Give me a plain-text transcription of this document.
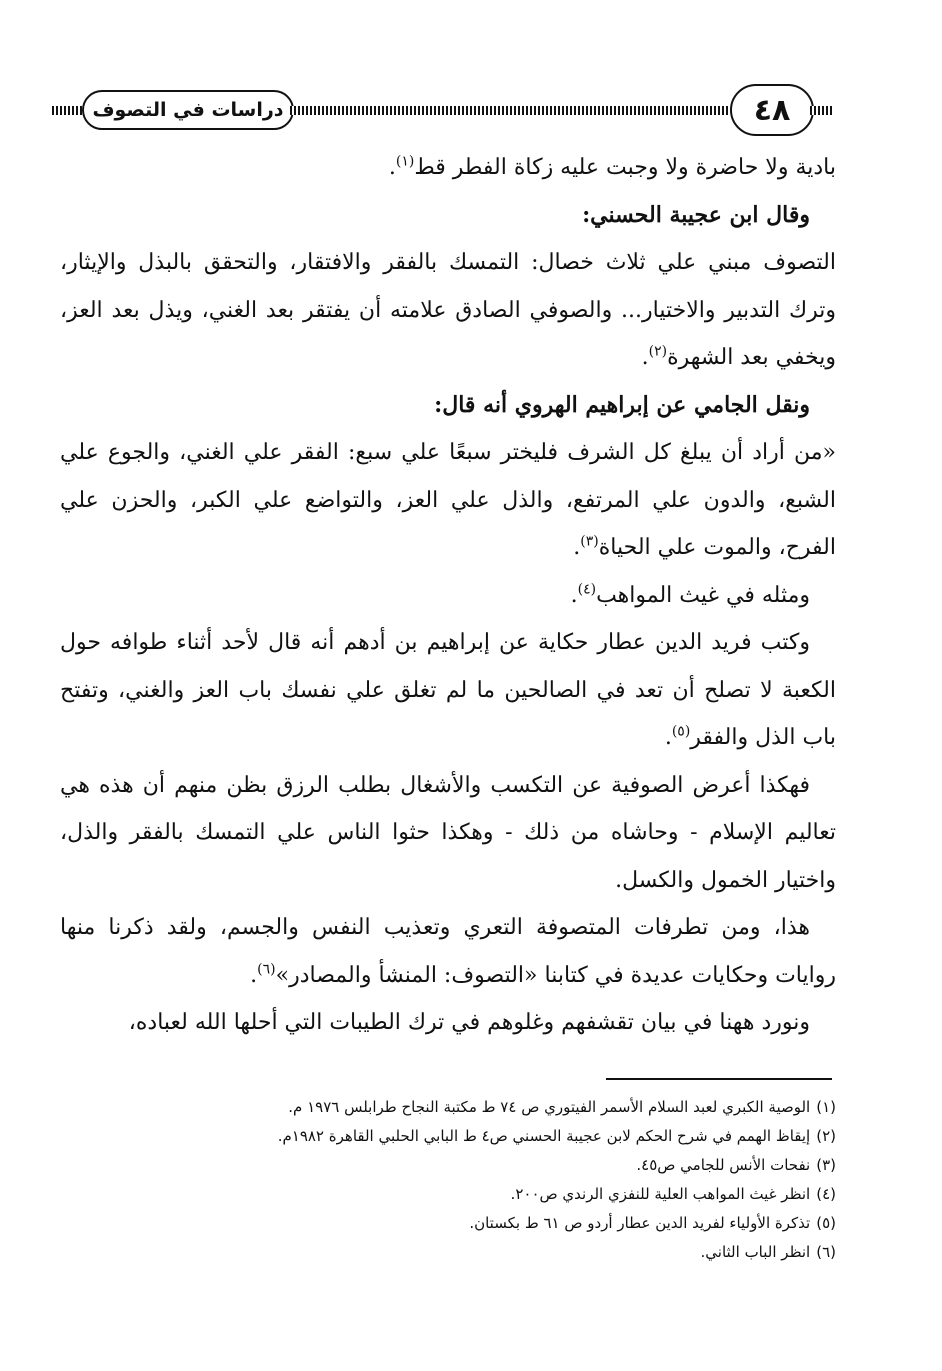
دراسات في التصوف	٤٨

بادية ولا حاضرة ولا وجبت عليه زكاة الفطر قط$^{(١)}$.

وقال ابن عجيبة الحسني:

التصوف مبني علي ثلاث خصال: التمسك بالفقر والافتقار، والتحقق بالبذل والإيثار، وترك التدبير والاختيار... والصوفي الصادق علامته أن يفتقر بعد الغني، ويذل بعد العز، ويخفي بعد الشهرة$^{(٢)}$.

ونقل الجامي عن إبراهيم الهروي أنه قال:

«من أراد أن يبلغ كل الشرف فليختر سبعًا علي سبع: الفقر علي الغني، والجوع علي الشبع، والدون علي المرتفع، والذل علي العز، والتواضع علي الكبر، والحزن علي الفرح، والموت علي الحياة$^{(٣)}$.

ومثله في غيث المواهب$^{(٤)}$.

وكتب فريد الدين عطار حكاية عن إبراهيم بن أدهم أنه قال لأحد أثناء طوافه حول الكعبة لا تصلح أن تعد في الصالحين ما لم تغلق علي نفسك باب العز والغني، وتفتح باب الذل والفقر$^{(٥)}$.

فهكذا أعرض الصوفية عن التكسب والأشغال بطلب الرزق بظن منهم أن هذه هي تعاليم الإسلام - وحاشاه من ذلك - وهكذا حثوا الناس علي التمسك بالفقر والذل، واختيار الخمول والكسل.

هذا، ومن تطرفات المتصوفة التعري وتعذيب النفس والجسم، ولقد ذكرنا منها روايات وحكايات عديدة في كتابنا «التصوف: المنشأ والمصادر»$^{(٦)}$.

ونورد ههنا في بيان تقشفهم وغلوهم في ترك الطيبات التي أحلها الله لعباده،

(١)الوصية الكبري لعبد السلام الأسمر الفيتوري ص ٧٤ ط مكتبة النجاح طرابلس ١٩٧٦ م.

(٢)إيقاظ الهمم في شرح الحكم لابن عجيبة الحسني ص٤ ط البابي الحلبي القاهرة ١٩٨٢م.

(٣)نفحات الأنس للجامي ص٤٥.

(٤)انظر غيث المواهب العلية للنفزي الرندي ص٢٠٠.

(٥)تذكرة الأولياء لفريد الدين عطار أردو ص ٦١ ط بكستان.

(٦)انظر الباب الثاني.
